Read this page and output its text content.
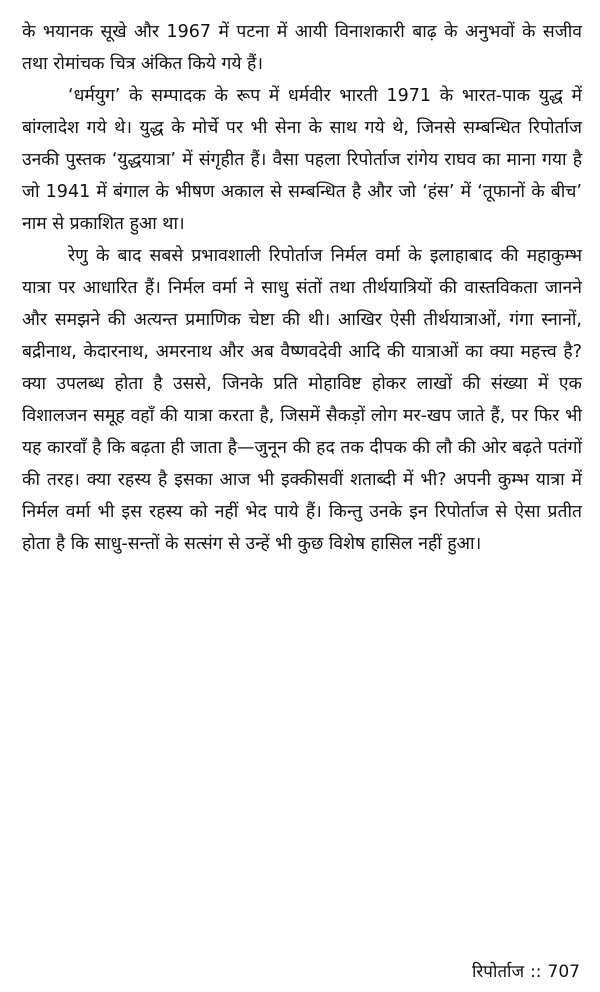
के भयानक सूखे और 1967 में पटना में आयी विनाशकारी बाढ़ के अनुभवों के सजीव तथा रोमांचक चित्र अंकित किये गये हैं।

‘धर्मयुग’ के सम्पादक के रूप में धर्मवीर भारती 1971 के भारत-पाक युद्ध में बांग्लादेश गये थे। युद्ध के मोर्चे पर भी सेना के साथ गये थे, जिनसे सम्बन्धित रिपोर्ताज उनकी पुस्तक ‘युद्धयात्रा’ में संगृहीत हैं। वैसा पहला रिपोर्ताज रांगेय राघव का माना गया है जो 1941 में बंगाल के भीषण अकाल से सम्बन्धित है और जो ‘हंस’ में ‘तूफानों के बीच’ नाम से प्रकाशित हुआ था।

रेणु के बाद सबसे प्रभावशाली रिपोर्ताज निर्मल वर्मा के इलाहाबाद की महाकुम्भ यात्रा पर आधारित हैं। निर्मल वर्मा ने साधु संतों तथा तीर्थयात्रियों की वास्तविकता जानने और समझने की अत्यन्त प्रमाणिक चेष्टा की थी। आखिर ऐसी तीर्थयात्राओं, गंगा स्नानों, बद्रीनाथ, केदारनाथ, अमरनाथ और अब वैष्णवदेवी आदि की यात्राओं का क्या महत्त्व है? क्या उपलब्ध होता है उससे, जिनके प्रति मोहाविष्ट होकर लाखों की संख्या में एक विशालजन समूह वहाँ की यात्रा करता है, जिसमें सैकड़ों लोग मर-खप जाते हैं, पर फिर भी यह कारवाँ है कि बढ़ता ही जाता है—जुनून की हद तक दीपक की लौ की ओर बढ़ते पतंगों की तरह। क्या रहस्य है इसका आज भी इक्कीसवीं शताब्दी में भी? अपनी कुम्भ यात्रा में निर्मल वर्मा भी इस रहस्य को नहीं भेद पाये हैं। किन्तु उनके इन रिपोर्ताज से ऐसा प्रतीत होता है कि साधु-सन्तों के सत्संग से उन्हें भी कुछ विशेष हासिल नहीं हुआ।

रिपोर्ताज :: 707
